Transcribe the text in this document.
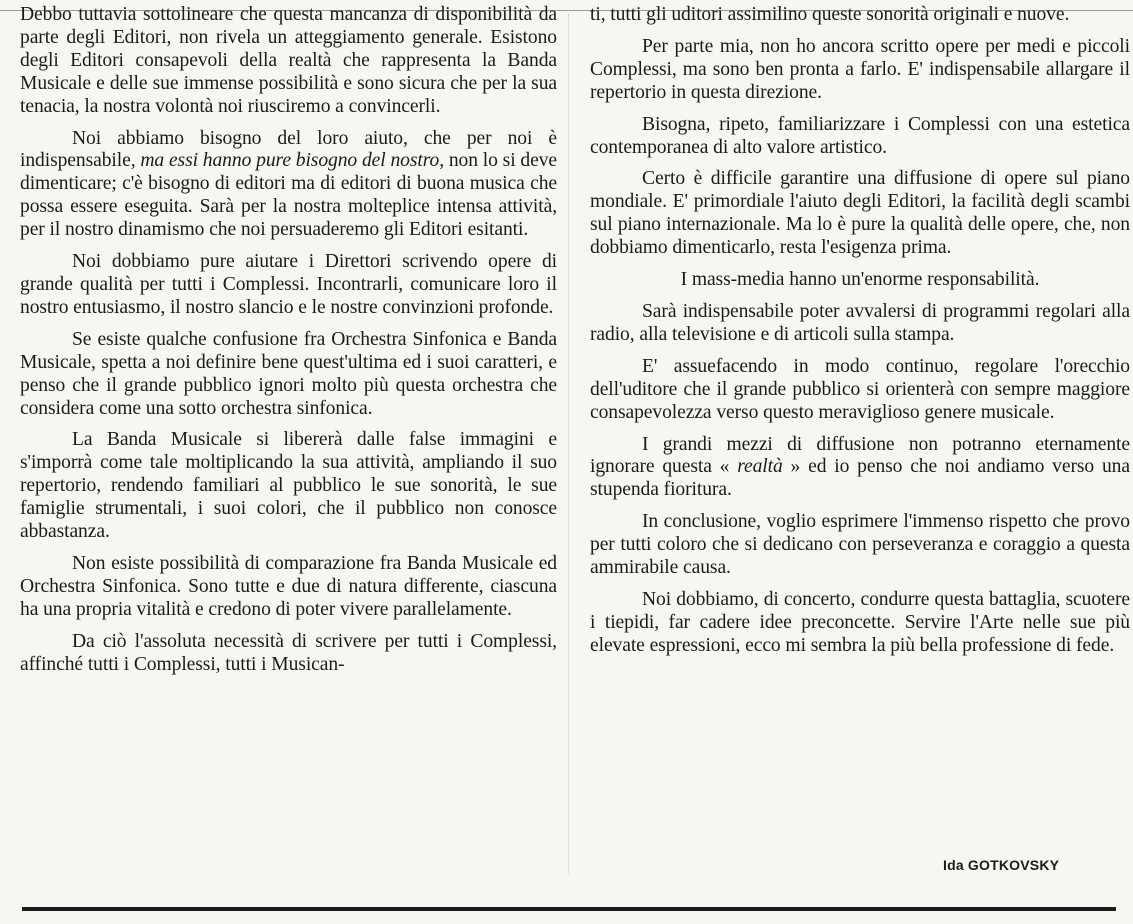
Debbo tuttavia sottolineare che questa mancanza di disponibilità da parte degli Editori, non rivela un atteggiamento generale. Esistono degli Editori consapevoli della realtà che rappresenta la Banda Musicale e delle sue immense possibilità e sono sicura che per la sua tenacia, la nostra volontà noi riusciremo a convincerli.

Noi abbiamo bisogno del loro aiuto, che per noi è indispensabile, ma essi hanno pure bisogno del nostro, non lo si deve dimenticare; c'è bisogno di editori ma di editori di buona musica che possa essere eseguita. Sarà per la nostra molteplice intensa attività, per il nostro dinamismo che noi persuaderemo gli Editori esitanti.

Noi dobbiamo pure aiutare i Direttori scrivendo opere di grande qualità per tutti i Complessi. Incontrarli, comunicare loro il nostro entusiasmo, il nostro slancio e le nostre convinzioni profonde.

Se esiste qualche confusione fra Orchestra Sinfonica e Banda Musicale, spetta a noi definire bene quest'ultima ed i suoi caratteri, e penso che il grande pubblico ignori molto più questa orchestra che considera come una sotto orchestra sinfonica.

La Banda Musicale si libererà dalle false immagini e s'imporrà come tale moltiplicando la sua attività, ampliando il suo repertorio, rendendo familiari al pubblico le sue sonorità, le sue famiglie strumentali, i suoi colori, che il pubblico non conosce abbastanza.

Non esiste possibilità di comparazione fra Banda Musicale ed Orchestra Sinfonica. Sono tutte e due di natura differente, ciascuna ha una propria vitalità e credono di poter vivere parallelamente.

Da ciò l'assoluta necessità di scrivere per tutti i Complessi, affinché tutti i Complessi, tutti i Musican-

ti, tutti gli uditori assimilino queste sonorità originali e nuove.

Per parte mia, non ho ancora scritto opere per medi e piccoli Complessi, ma sono ben pronta a farlo. E' indispensabile allargare il repertorio in questa direzione.

Bisogna, ripeto, familiarizzare i Complessi con una estetica contemporanea di alto valore artistico.

Certo è difficile garantire una diffusione di opere sul piano mondiale. E' primordiale l'aiuto degli Editori, la facilità degli scambi sul piano internazionale. Ma lo è pure la qualità delle opere, che, non dobbiamo dimenticarlo, resta l'esigenza prima.

I mass-media hanno un'enorme responsabilità.

Sarà indispensabile poter avvalersi di programmi regolari alla radio, alla televisione e di articoli sulla stampa.

E' assuefacendo in modo continuo, regolare l'orecchio dell'uditore che il grande pubblico si orienterà con sempre maggiore consapevolezza verso questo meraviglioso genere musicale.

I grandi mezzi di diffusione non potranno eternamente ignorare questa « realtà » ed io penso che noi andiamo verso una stupenda fioritura.

In conclusione, voglio esprimere l'immenso rispetto che provo per tutti coloro che si dedicano con perseveranza e coraggio a questa ammirabile causa.

Noi dobbiamo, di concerto, condurre questa battaglia, scuotere i tiepidi, far cadere idee preconcette. Servire l'Arte nelle sue più elevate espressioni, ecco mi sembra la più bella professione di fede.

Ida GOTKOVSKY
